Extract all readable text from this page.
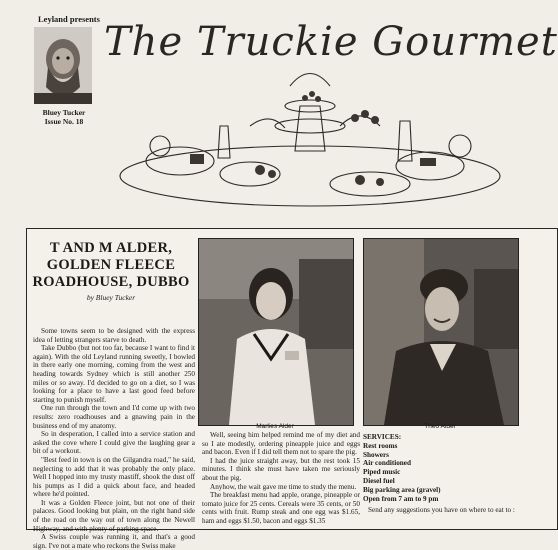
Leyland presents
Bluey Tucker
Issue No. 18
The Truckie Gourmet
T AND M ALDER, GOLDEN FLEECE ROADHOUSE, DUBBO
by Bluey Tucker

Some towns seem to be designed with the express idea of letting strangers starve to death.

Take Dubbo (but not too far, because I want to find it again). With the old Leyland running sweetly, I bowled in there early one morning, coming from the west and heading towards Sydney which is still another 250 miles or so away. I'd decided to go on a diet, so I was looking for a place to have a last good feed before starting to punish myself.

One run through the town and I'd come up with two results: zero roadhouses and a gnawing pain in the business end of my anatomy.

So in desperation, I called into a service station and asked the cove where I could give the laughing gear a bit of a workout.

"Best feed in town is on the Gilgandra road," he said, neglecting to add that it was probably the only place. Well I hopped into my trusty mastiff, shook the dust off his pumps as I did a quick about face, and headed where he'd pointed.

It was a Golden Fleece joint, but not one of their palaces. Good looking but plain, on the right hand side of the road on the way out of town along the Newell Highway, and with plenty of parking space.

A Swiss couple was running it, and that's a good sign. I've not a mate who reckons the Swiss make

Marlies Alder	Theo Alder

Well, seeing him helped remind me of my diet and so I ate modestly, ordering pineapple juice and eggs and bacon. Even if I did tell them not to spare the pig.

I had the juice straight away, but the rest took 15 minutes. I think she must have taken me seriously about the pig.

Anyhow, the wait gave me time to study the menu.

The breakfast menu had apple, orange, pineapple or tomato juice for 25 cents. Cereals were 35 cents, or 50 cents with fruit. Rump steak and one egg was $1.65, ham and eggs $1.50, bacon and eggs $1.35

SERVICES:
Rest rooms
Showers
Air conditioned
Piped music
Diesel fuel
Big parking area (gravel)
Open from 7 am to 9 pm
Send any suggestions you have on where to eat to :
